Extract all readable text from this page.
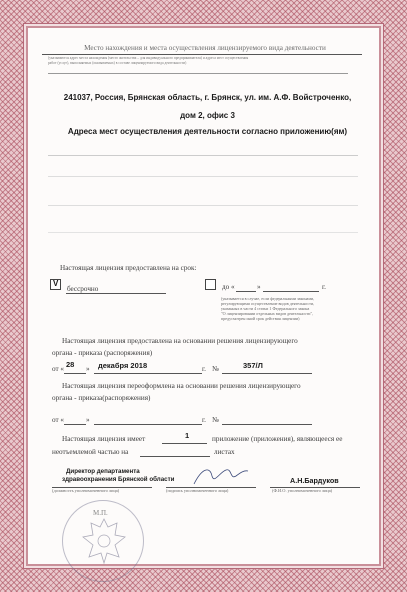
Место нахождения и места осуществления лицензируемого вида деятельности
(указываются адрес места нахождения (место жительства – для индивидуального предпринимателя) и адреса мест осуществления
работ (услуг), выполняемых (оказываемых) в составе лицензируемого вида деятельности)
241037, Россия, Брянская область, г. Брянск, ул. им. А.Ф. Войстроченко,
дом 2, офис 3
Адреса мест осуществления деятельности согласно приложению(ям)
Настоящая лицензия предоставлена на срок:
V
бессрочно	до «	»	г.
(указывается в случае, если федеральными законами,
регулирующими осуществление видов деятельности,
указанных в части 4 статьи 1 Федерального закона
"О лицензировании отдельных видов деятельности",
предусмотрен иной срок действия лицензии)
Настоящая лицензия предоставлена на основании решения лицензирующего
органа - приказа (распоряжения)
от « 28 » декабря 2018	г. №	357/Л
Настоящая лицензия переоформлена на основании решения лицензирующего
органа - приказа(распоряжения)
от «	»	г. №
Настоящая лицензия имеет	1	приложение (приложения), являющееся ее
неотъемлемой частью на	листах
Директор департамента
здравоохранения Брянской области
(должность уполномоченного лица)	(подпись уполномоченного лица)
А.Н.Бардуков
(Ф.И.О. уполномоченного лица)
М.П.
